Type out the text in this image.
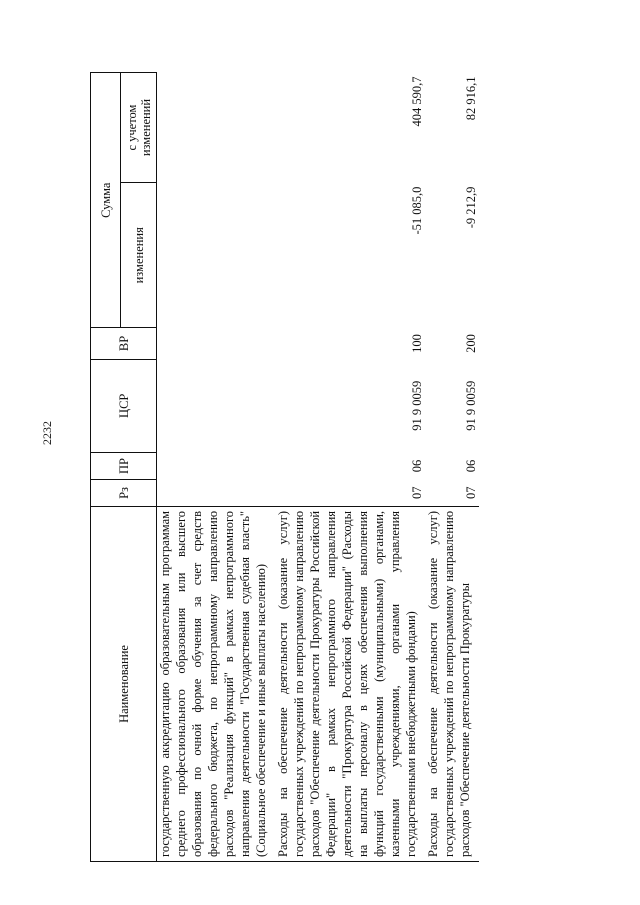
2232
Наименование	Рз	ПР	ЦСР	ВР	Сумма	
					изменения	с учетом изменений
государственную аккредитацию образовательным программам среднего профессионального образования или высшего образования по очной форме обучения за счет средств федерального бюджета, по непрограммному направлению расходов "Реализация функций" в рамках непрограммного направления деятельности "Государственная судебная власть" (Социальное обеспечение и иные выплаты населению)						
Расходы на обеспечение деятельности (оказание услуг) государственных учреждений по непрограммному направлению расходов "Обеспечение деятельности Прокуратуры Российской Федерации" в рамках непрограммного направления деятельности "Прокуратура Российской Федерации" (Расходы на выплаты персоналу в целях обеспечения выполнения функций государственными (муниципальными) органами, казенными учреждениями, органами управления государственными внебюджетными фондами)	07	06	91 9 0059	100	-51 085,0	404 590,7
Расходы на обеспечение деятельности (оказание услуг) государственных учреждений по непрограммному направлению расходов "Обеспечение деятельности Прокуратуры	07	06	91 9 0059	200	-9 212,9	82 916,1
